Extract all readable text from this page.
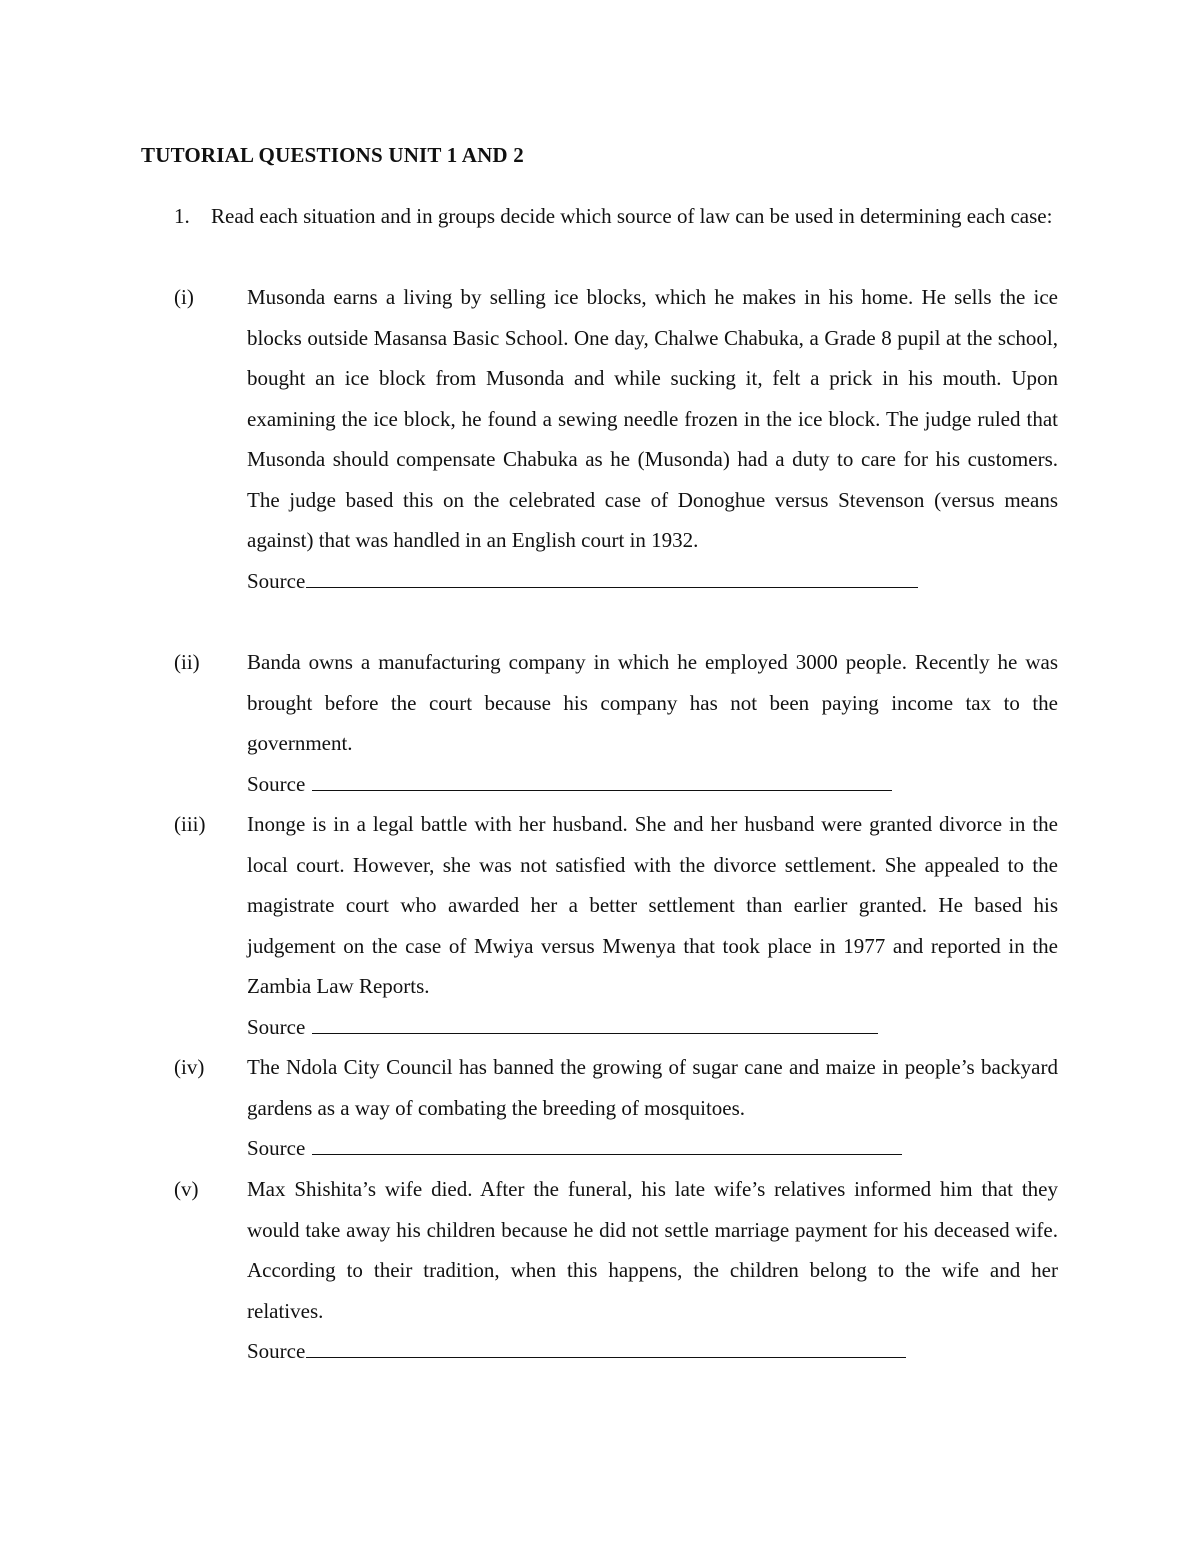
TUTORIAL QUESTIONS UNIT 1 AND 2
1. Read each situation and in groups decide which source of law can be used in determining each case:
(i)	Musonda earns a living by selling ice blocks, which he makes in his home. He sells the ice blocks outside Masansa Basic School. One day, Chalwe Chabuka, a Grade 8 pupil at the school, bought an ice block from Musonda and while sucking it, felt a prick in his mouth. Upon examining the ice block, he found a sewing needle frozen in the ice block. The judge ruled that Musonda should compensate Chabuka as he (Musonda) had a duty to care for his customers. The judge based this on the celebrated case of Donoghue versus Stevenson (versus means against) that was handled in an English court in 1932.
Source
(ii) Banda owns a manufacturing company in which he employed 3000 people. Recently he was brought before the court because his company has not been paying income tax to the government.
Source
(iii) Inonge is in a legal battle with her husband. She and her husband were granted divorce in the local court. However, she was not satisfied with the divorce settlement. She appealed to the magistrate court who awarded her a better settlement than earlier granted. He based his judgement on the case of Mwiya versus Mwenya that took place in 1977 and reported in the Zambia Law Reports.
Source
(iv) The Ndola City Council has banned the growing of sugar cane and maize in people’s backyard gardens as a way of combating the breeding of mosquitoes.
Source
(v) Max Shishita’s wife died. After the funeral, his late wife’s relatives informed him that they would take away his children because he did not settle marriage payment for his deceased wife. According to their tradition, when this happens, the children belong to the wife and her relatives.
Source
